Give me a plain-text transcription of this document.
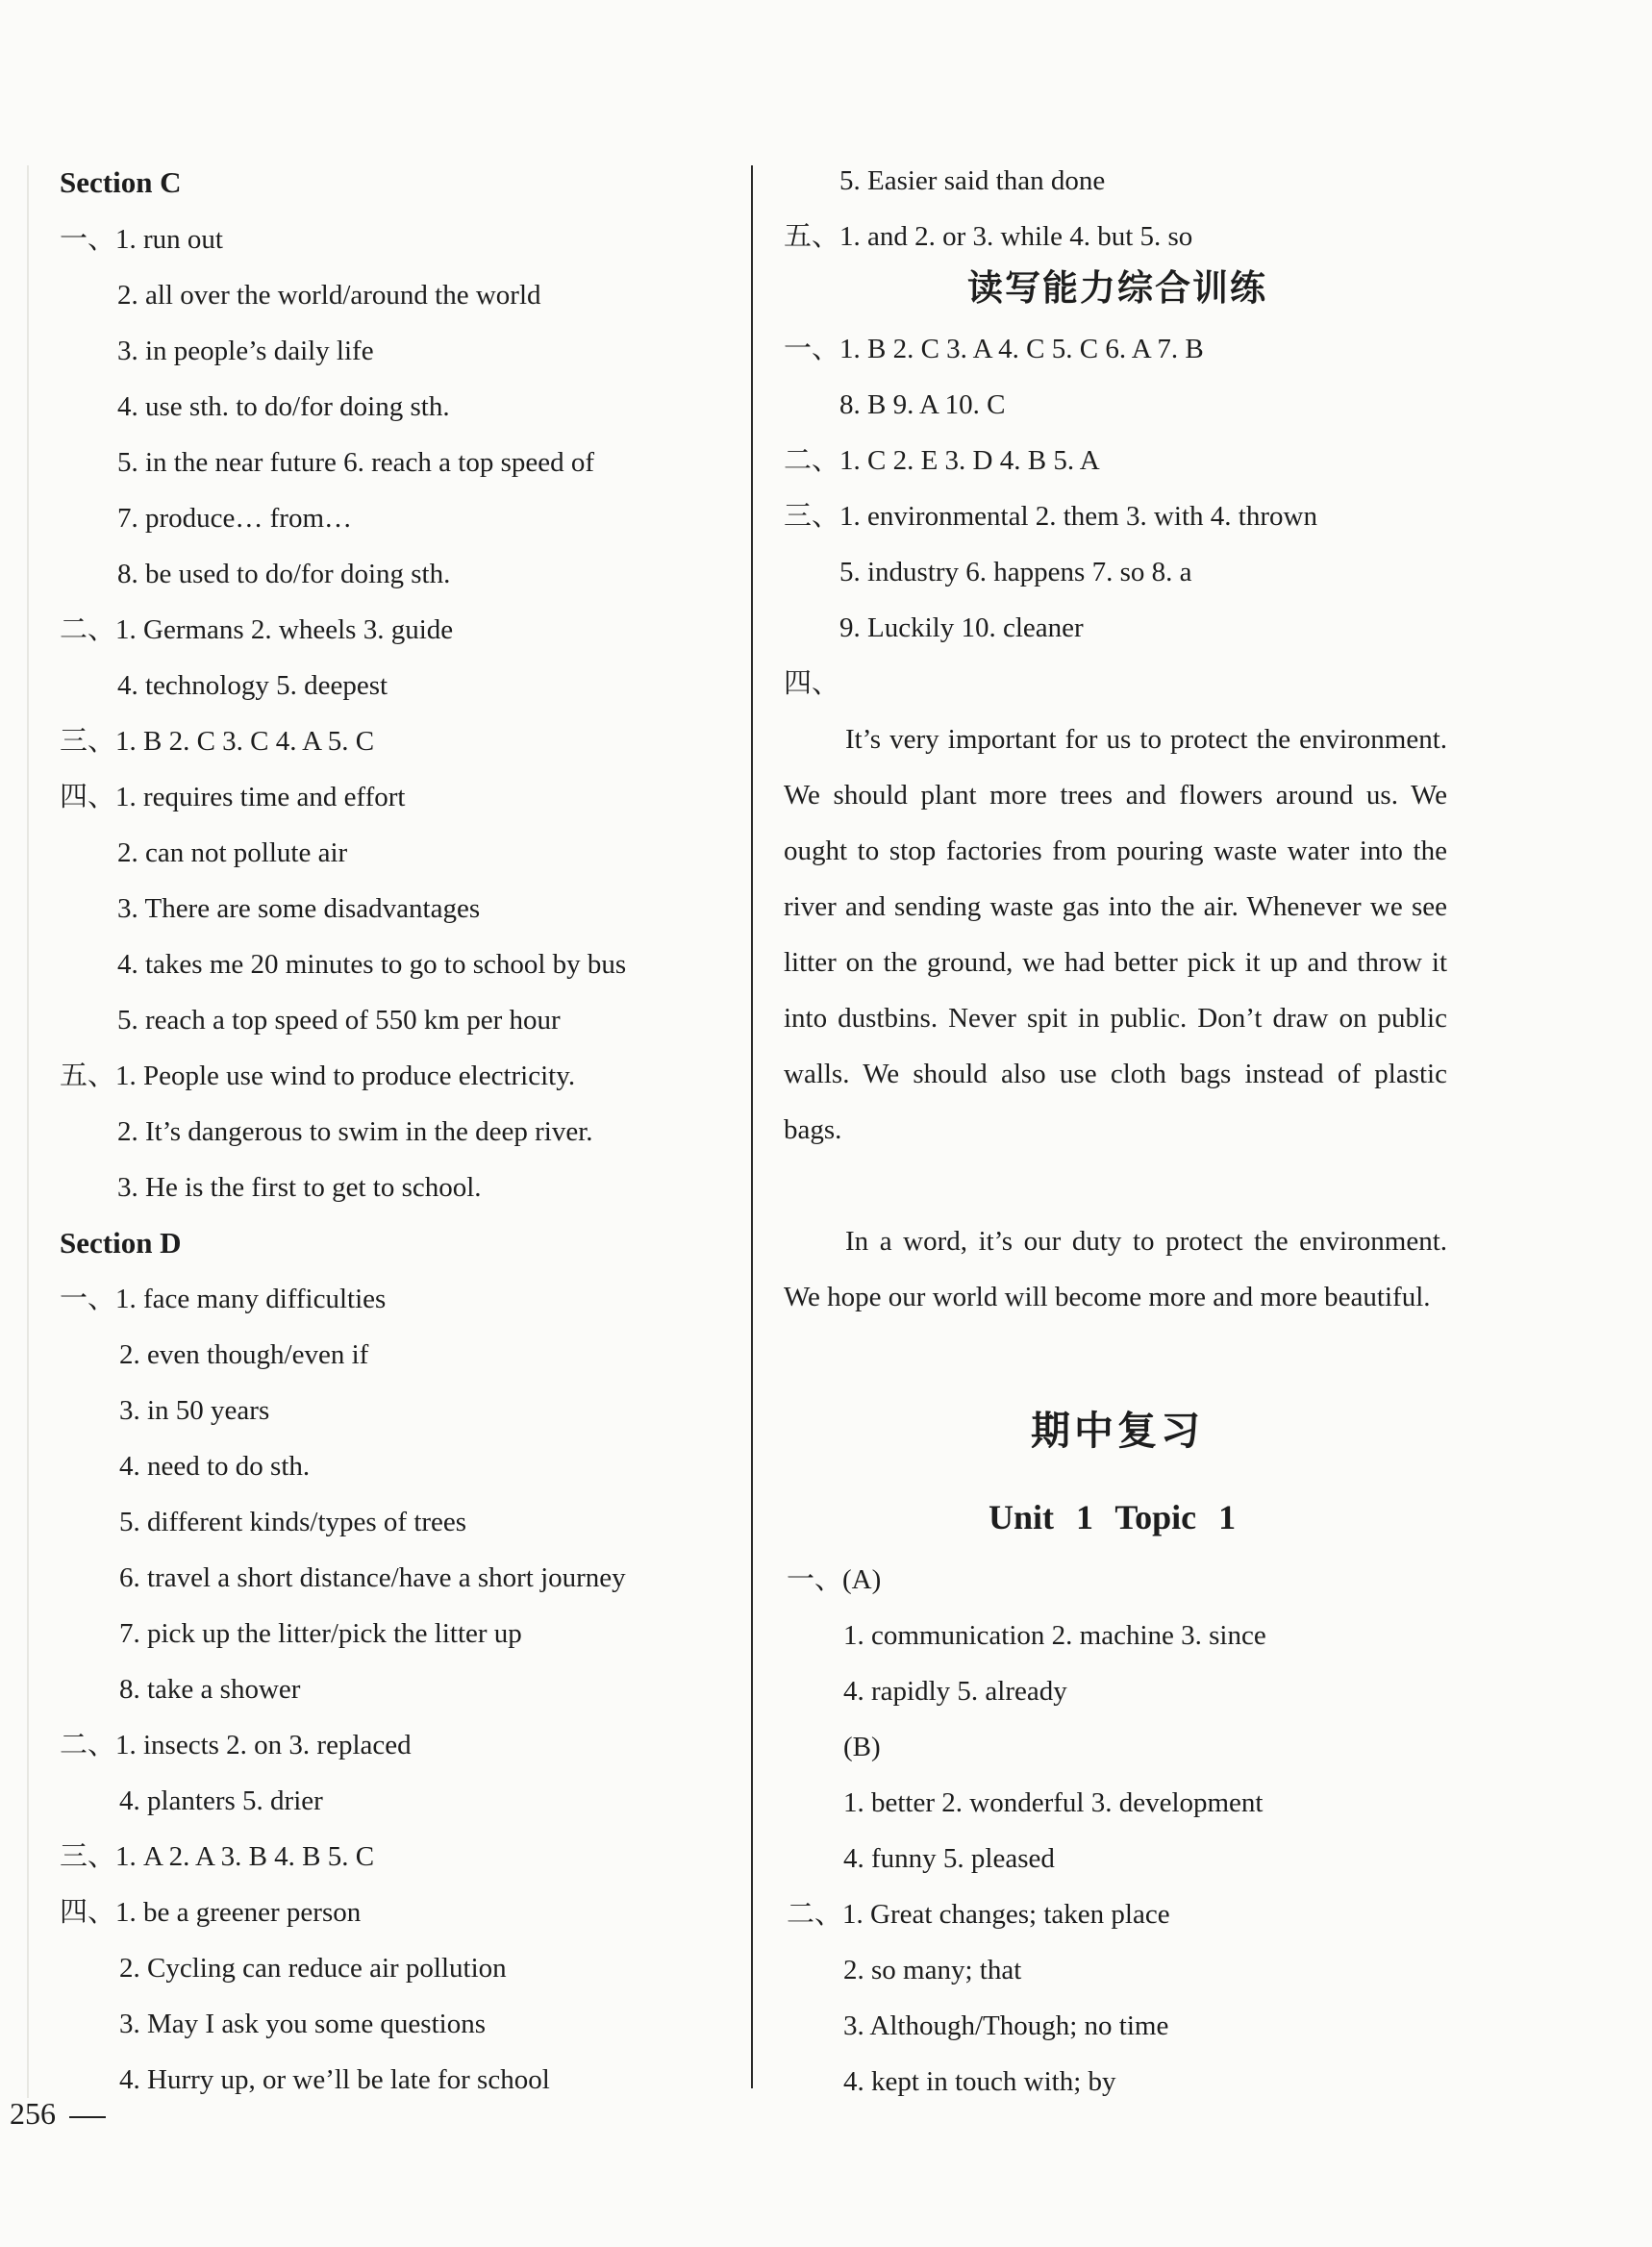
Section C
一、1. run out
2. all over the world/around the world
3. in people’s daily life
4. use sth. to do/for doing sth.
5. in the near future 6. reach a top speed of
7. produce… from…
8. be used to do/for doing sth.
二、1. Germans 2. wheels 3. guide
4. technology 5. deepest
三、1. B 2. C 3. C 4. A 5. C
四、1. requires time and effort
2. can not pollute air
3. There are some disadvantages
4. takes me 20 minutes to go to school by bus
5. reach a top speed of 550 km per hour
五、1. People use wind to produce electricity.
2. It’s dangerous to swim in the deep river.
3. He is the first to get to school.
Section D
一、1. face many difficulties
2. even though/even if
3. in 50 years
4. need to do sth.
5. different kinds/types of trees
6. travel a short distance/have a short journey
7. pick up the litter/pick the litter up
8. take a shower
二、1. insects 2. on 3. replaced
4. planters 5. drier
三、1. A 2. A 3. B 4. B 5. C
四、1. be a greener person
2. Cycling can reduce air pollution
3. May I ask you some questions
4. Hurry up, or we’ll be late for school
256
5. Easier said than done
五、1. and 2. or 3. while 4. but 5. so
读写能力综合训练
一、1. B 2. C 3. A 4. C 5. C 6. A 7. B
8. B 9. A 10. C
二、1. C 2. E 3. D 4. B 5. A
三、1. environmental 2. them 3. with 4. thrown
5. industry 6. happens 7. so 8. a
9. Luckily 10. cleaner
四、
It’s very important for us to protect the environment. We should plant more trees and flowers around us. We ought to stop factories from pouring waste water into the river and sending waste gas into the air. Whenever we see litter on the ground, we had better pick it up and throw it into dustbins. Never spit in public. Don’t draw on public walls. We should also use cloth bags instead of plastic bags.
In a word, it’s our duty to protect the environment. We hope our world will become more and more beautiful.
期中复习
Unit 1 Topic 1
一、(A)
1. communication 2. machine 3. since
4. rapidly 5. already
(B)
1. better 2. wonderful 3. development
4. funny 5. pleased
二、1. Great changes; taken place
2. so many; that
3. Although/Though; no time
4. kept in touch with; by
